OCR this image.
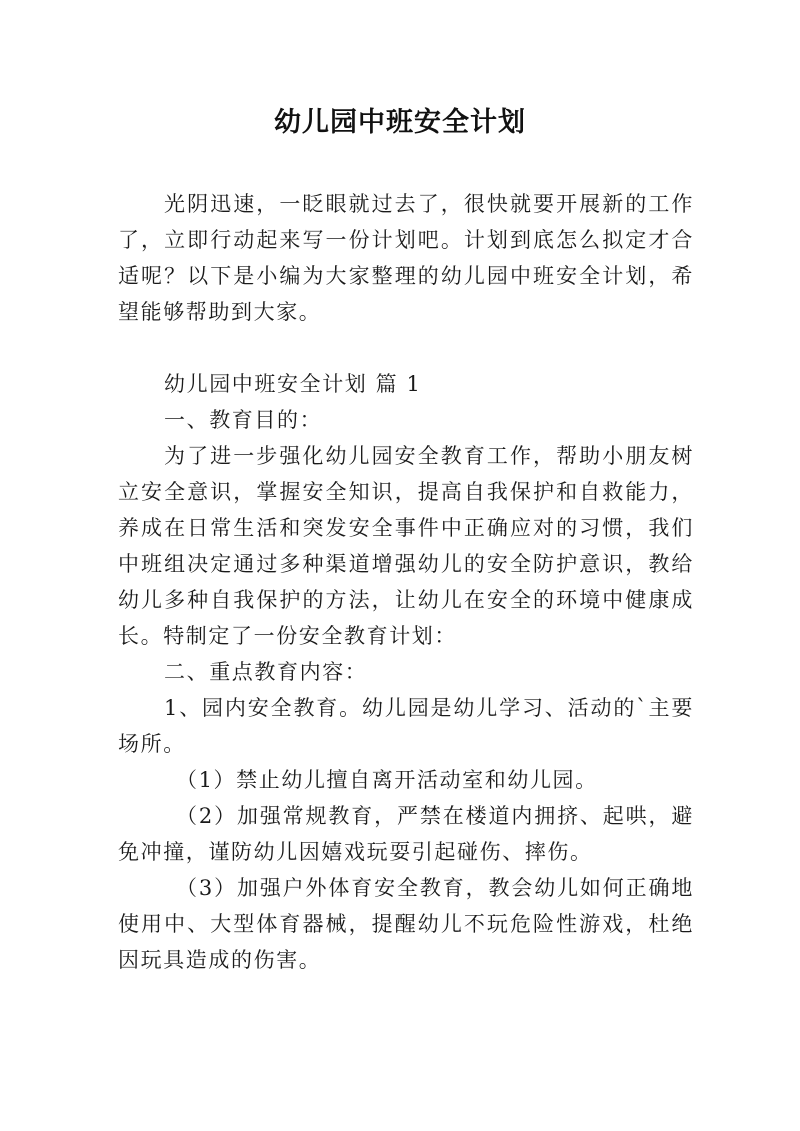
幼儿园中班安全计划

光阴迅速，一眨眼就过去了，很快就要开展新的工作了，立即行动起来写一份计划吧。计划到底怎么拟定才合适呢？以下是小编为大家整理的幼儿园中班安全计划，希望能够帮助到大家。

幼儿园中班安全计划 篇 1

一、教育目的：

为了进一步强化幼儿园安全教育工作，帮助小朋友树立安全意识，掌握安全知识，提高自我保护和自救能力，养成在日常生活和突发安全事件中正确应对的习惯，我们中班组决定通过多种渠道增强幼儿的安全防护意识，教给幼儿多种自我保护的方法，让幼儿在安全的环境中健康成长。特制定了一份安全教育计划：

二、重点教育内容：

1、园内安全教育。幼儿园是幼儿学习、活动的`主要场所。

（1）禁止幼儿擅自离开活动室和幼儿园。

（2）加强常规教育，严禁在楼道内拥挤、起哄，避免冲撞，谨防幼儿因嬉戏玩耍引起碰伤、摔伤。

（3）加强户外体育安全教育，教会幼儿如何正确地使用中、大型体育器械，提醒幼儿不玩危险性游戏，杜绝因玩具造成的伤害。
